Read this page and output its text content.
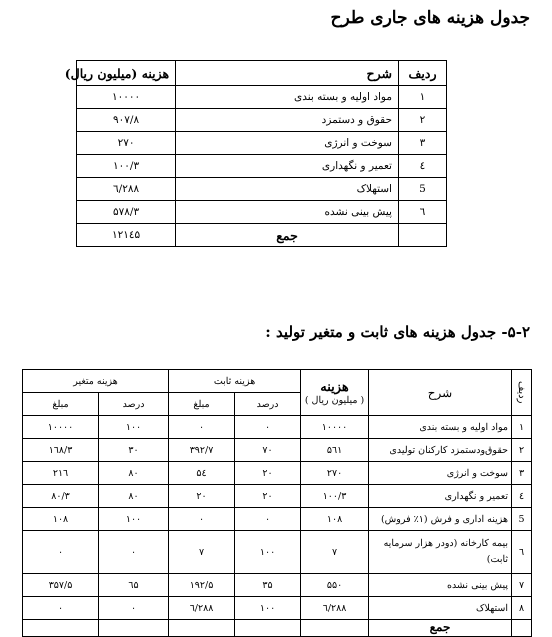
جدول هزینه های جاری طرح
ردیف	شرح	هزینه (میلیون ریال)
۱	مواد اولیه و بسته بندی	۱۰۰۰۰
۲	حقوق و دستمزد	۹۰۷/۸
۳	سوخت و انرژی	۲۷۰
٤	تعمیر و نگهداری	۱۰۰/۳
5	استهلاک	۲۸۸/٦
٦	پیش بینی نشده	۵۷۸/۳
	جمع	۱۲۱٤۵
۵-۲- جدول هزینه های ثابت و متغیر تولید :
ردیف	شرح	هزینه
( میلیون ریال )	هزینه ثابت		هزینه متغیر	
			درصد	مبلغ	درصد	مبلغ
۱	مواد اولیه و بسته بندی	۱۰۰۰۰	۰	۰	۱۰۰	۱۰۰۰۰
۲	حقوق‌ودستمزد کارکنان تولیدی	۵٦۱	۷۰	۳۹۲/۷	۳۰	۱٦۸/۳
۳	سوخت و انرژی	۲۷۰	۲۰	۵٤	۸۰	۲۱٦
٤	تعمیر و نگهداری	۱۰۰/۳	۲۰	۲۰	۸۰	۸۰/۳
5	هزینه اداری و فرش (۱٪ فروش)	۱۰۸	۰	۰	۱۰۰	۱۰۸
٦	بیمه کارخانه (دودر هزار سرمایه ثابت)	۷	۱۰۰	۷	۰	۰
۷	پیش بینی نشده	۵۵۰	۳۵	۱۹۲/۵	٦۵	۳۵۷/۵
۸	استهلاک	۲۸۸/٦	۱۰۰	۲۸۸/٦	۰	۰
	جمع					
